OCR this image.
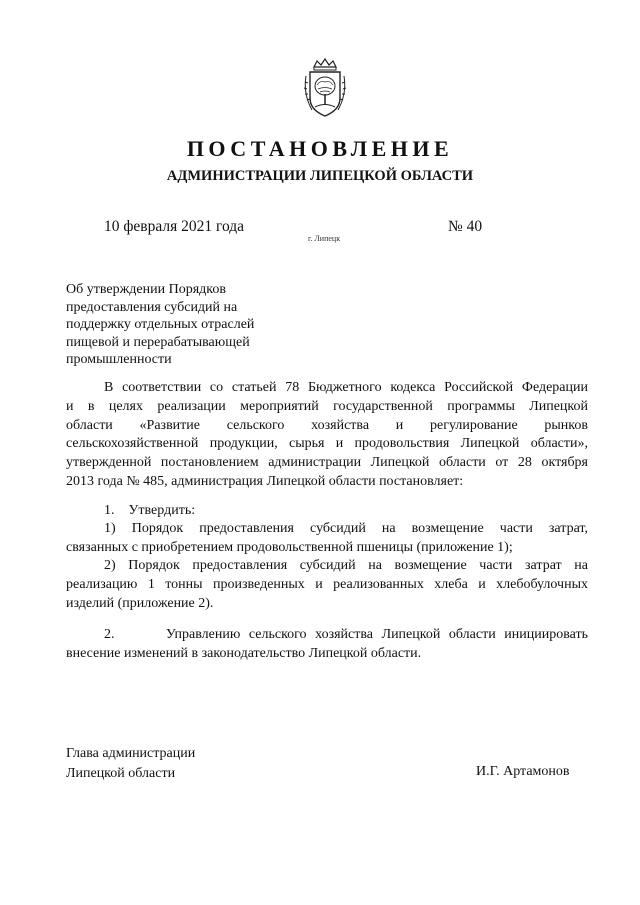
ПОСТАНОВЛЕНИЕ
АДМИНИСТРАЦИИ ЛИПЕЦКОЙ ОБЛАСТИ
10 февраля 2021 года
г. Липецк
№ 40

Об утверждении Порядков
предоставления субсидий на
поддержку отдельных отраслей
пищевой и перерабатывающей
промышленности

В соответствии со статьей 78 Бюджетного кодекса Российской Федерации
и в целях реализации мероприятий государственной программы Липецкой
области «Развитие сельского хозяйства и регулирование рынков
сельскохозяйственной продукции, сырья и продовольствия Липецкой области»,
утвержденной постановлением администрации Липецкой области от 28 октября
2013 года № 485, администрация Липецкой области постановляет:

1.    Утвердить:

1) Порядок предоставления субсидий на возмещение части затрат,
связанных с приобретением продовольственной пшеницы (приложение 1);

2) Порядок предоставления субсидий на возмещение части затрат на
реализацию 1 тонны произведенных и реализованных хлеба и хлебобулочных
изделий (приложение 2).

2.      Управлению сельского хозяйства Липецкой области инициировать
внесение изменений в законодательство Липецкой области.

Глава администрации
Липецкой области	И.Г. Артамонов
